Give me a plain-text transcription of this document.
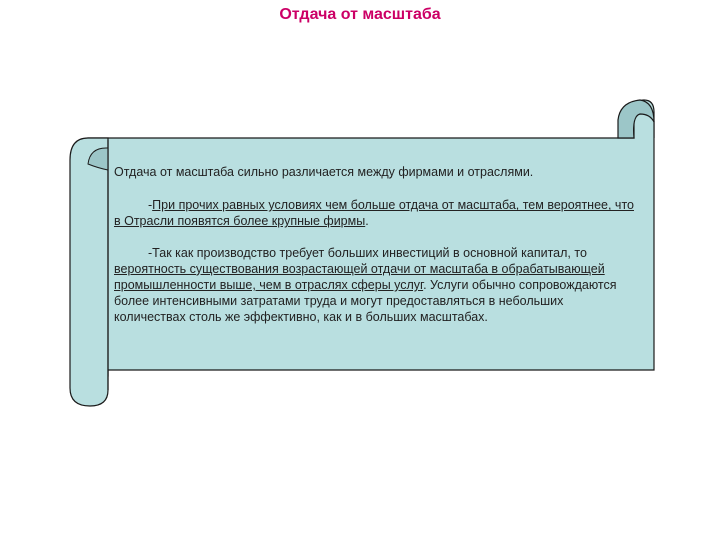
Отдача от масштаба

Отдача от масштаба сильно различается между фирмами и отраслями.

-При прочих равных условиях чем больше отдача от масштаба, тем вероятнее, что в Отрасли появятся более крупные фирмы.

-Так как производство требует больших инвестиций в основной капитал, то вероятность существования возрастающей отдачи от масштаба в обрабатывающей промышленности выше, чем в отраслях сферы услуг. Услуги обычно сопровождаются более интенсивными затратами труда и могут предоставляться в небольших количествах столь же эффективно, как и в больших масштабах.
